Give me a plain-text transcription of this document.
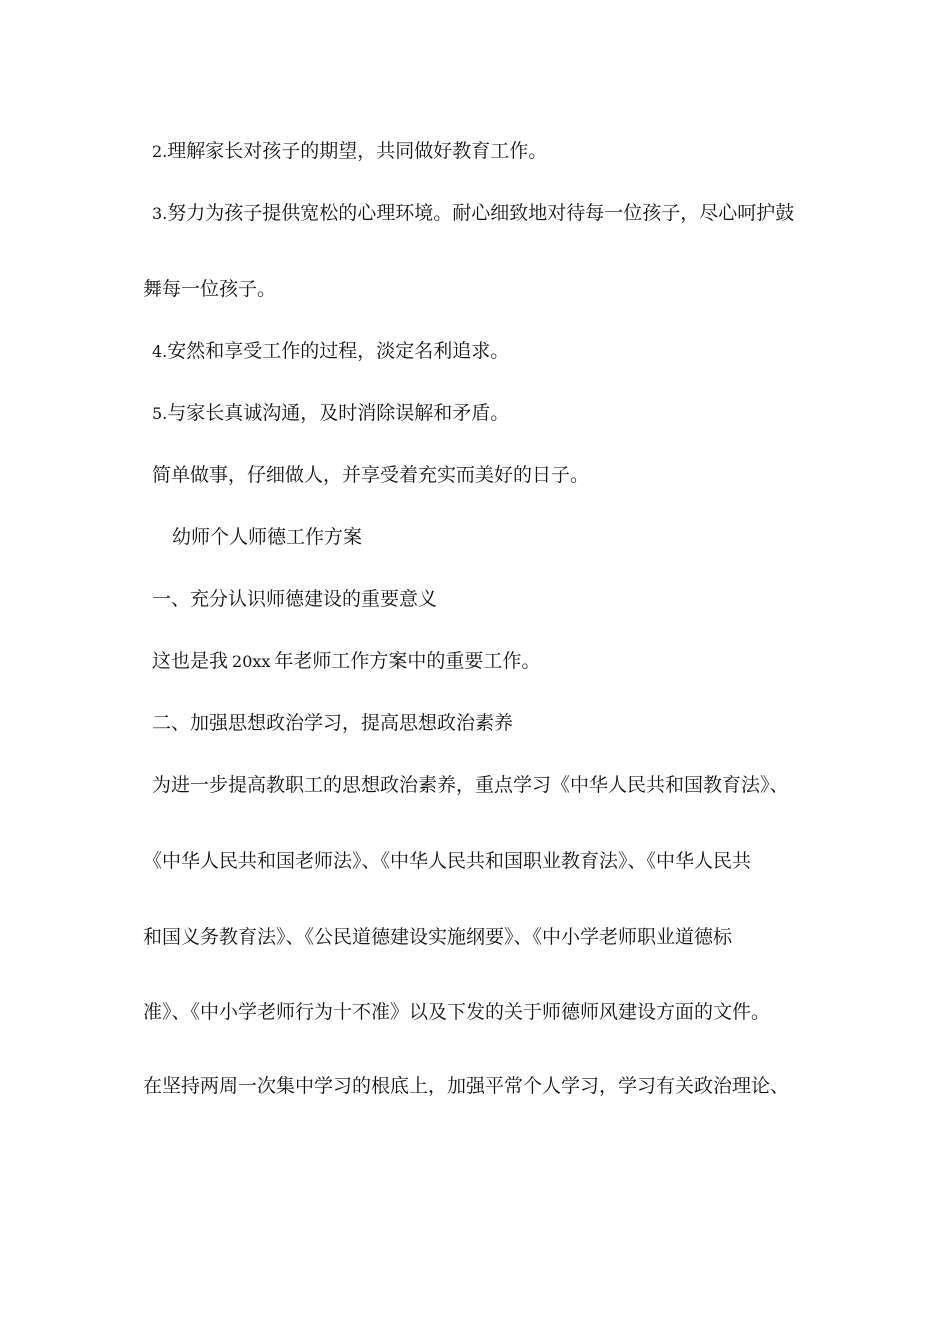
2.理解家长对孩子的期望，共同做好教育工作。
3.努力为孩子提供宽松的心理环境。耐心细致地对待每一位孩子，尽心呵护鼓
舞每一位孩子。
4.安然和享受工作的过程，淡定名利追求。
5.与家长真诚沟通，及时消除误解和矛盾。
简单做事，仔细做人，并享受着充实而美好的日子。
幼师个人师德工作方案
一、充分认识师德建设的重要意义
这也是我 20xx 年老师工作方案中的重要工作。
二、加强思想政治学习，提高思想政治素养
为进一步提高教职工的思想政治素养，重点学习《中华人民共和国教育法》、
《中华人民共和国老师法》、《中华人民共和国职业教育法》、《中华人民共
和国义务教育法》、《公民道德建设实施纲要》、《中小学老师职业道德标
准》、《中小学老师行为十不准》以及下发的关于师德师风建设方面的文件。
在坚持两周一次集中学习的根底上，加强平常个人学习，学习有关政治理论、
